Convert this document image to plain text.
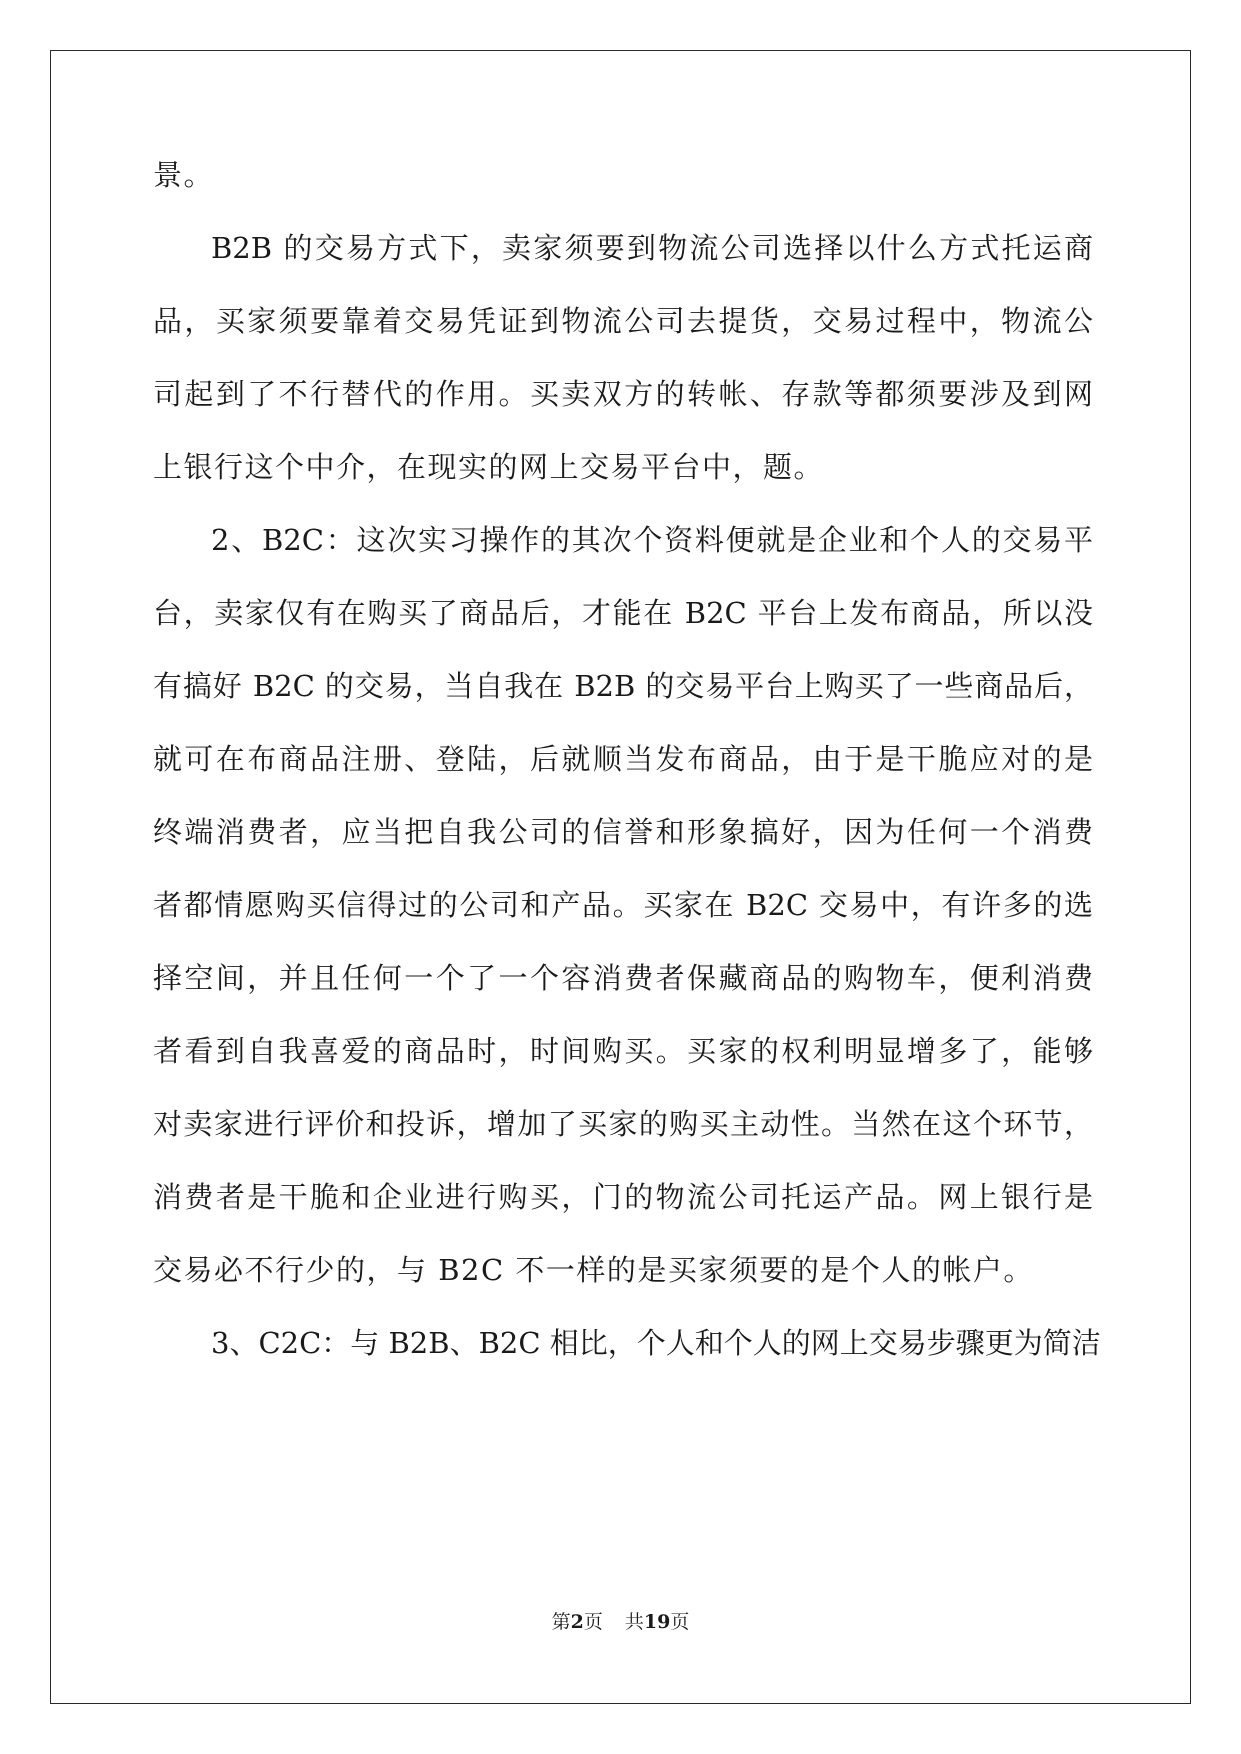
景。
B2B 的交易方式下，卖家须要到物流公司选择以什么方式托运商
品，买家须要靠着交易凭证到物流公司去提货，交易过程中，物流公
司起到了不行替代的作用。买卖双方的转帐、存款等都须要涉及到网
上银行这个中介，在现实的网上交易平台中，题。
2、B2C：这次实习操作的其次个资料便就是企业和个人的交易平
台，卖家仅有在购买了商品后，才能在 B2C 平台上发布商品，所以没
有搞好 B2C 的交易，当自我在 B2B 的交易平台上购买了一些商品后，
就可在布商品注册、登陆，后就顺当发布商品，由于是干脆应对的是
终端消费者，应当把自我公司的信誉和形象搞好，因为任何一个消费
者都情愿购买信得过的公司和产品。买家在 B2C 交易中，有许多的选
择空间，并且任何一个了一个容消费者保藏商品的购物车，便利消费
者看到自我喜爱的商品时，时间购买。买家的权利明显增多了，能够
对卖家进行评价和投诉，增加了买家的购买主动性。当然在这个环节，
消费者是干脆和企业进行购买，门的物流公司托运产品。网上银行是
交易必不行少的，与 B2C 不一样的是买家须要的是个人的帐户。
3、C2C：与 B2B、B2C 相比，个人和个人的网上交易步骤更为简洁
第2页 共19页
